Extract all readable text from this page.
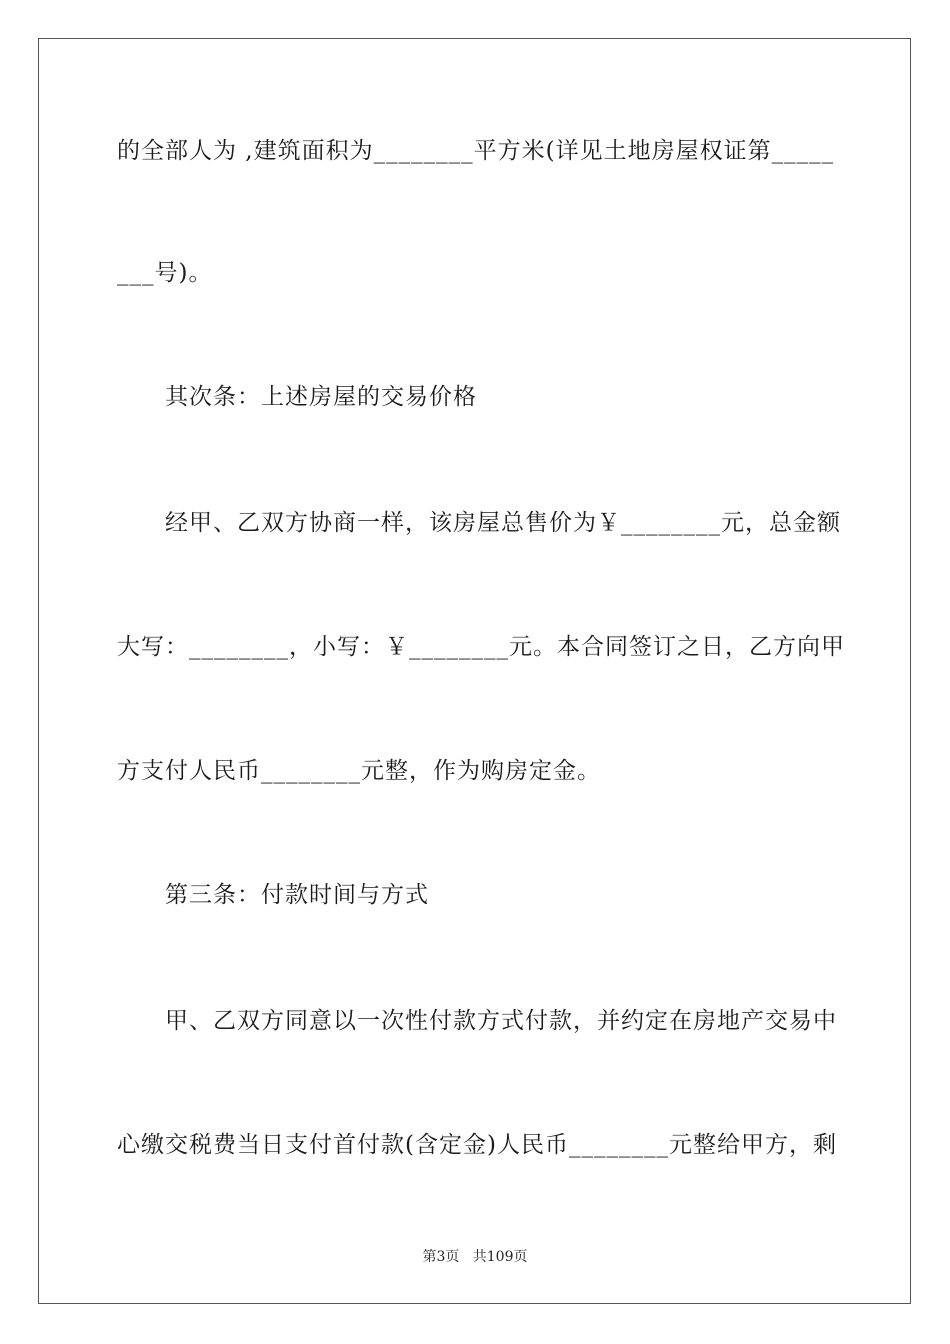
的全部人为 ,建筑面积为________平方米(详见土地房屋权证第_____
___号)。
其次条：上述房屋的交易价格
经甲、乙双方协商一样，该房屋总售价为￥________元，总金额
大写：________，小写：￥________元。本合同签订之日，乙方向甲
方支付人民币________元整，作为购房定金。
第三条：付款时间与方式
甲、乙双方同意以一次性付款方式付款，并约定在房地产交易中
心缴交税费当日支付首付款(含定金)人民币________元整给甲方，剩
第3页   共109页
